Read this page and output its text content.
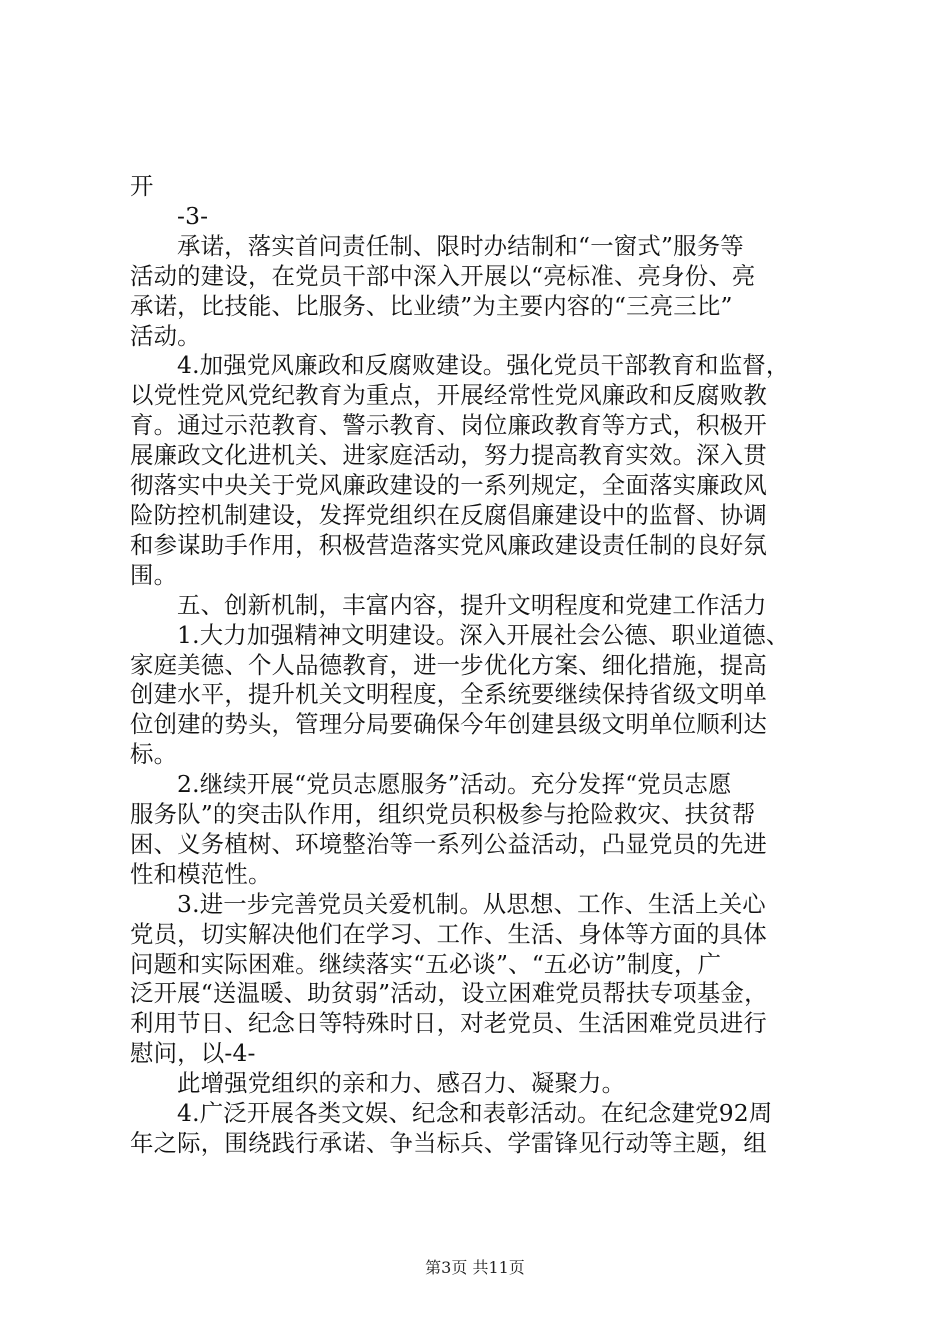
开
-3-
承诺，落实首问责任制、限时办结制和“一窗式”服务等
活动的建设，在党员干部中深入开展以“亮标准、亮身份、亮
承诺，比技能、比服务、比业绩”为主要内容的“三亮三比”
活动。
4.加强党风廉政和反腐败建设。强化党员干部教育和监督，
以党性党风党纪教育为重点，开展经常性党风廉政和反腐败教
育。通过示范教育、警示教育、岗位廉政教育等方式，积极开
展廉政文化进机关、进家庭活动，努力提高教育实效。深入贯
彻落实中央关于党风廉政建设的一系列规定，全面落实廉政风
险防控机制建设，发挥党组织在反腐倡廉建设中的监督、协调
和参谋助手作用，积极营造落实党风廉政建设责任制的良好氛
围。
五、创新机制，丰富内容，提升文明程度和党建工作活力
1.大力加强精神文明建设。深入开展社会公德、职业道德、
家庭美德、个人品德教育，进一步优化方案、细化措施，提高
创建水平，提升机关文明程度，全系统要继续保持省级文明单
位创建的势头，管理分局要确保今年创建县级文明单位顺利达
标。
2.继续开展“党员志愿服务”活动。充分发挥“党员志愿
服务队”的突击队作用，组织党员积极参与抢险救灾、扶贫帮
困、义务植树、环境整治等一系列公益活动，凸显党员的先进
性和模范性。
3.进一步完善党员关爱机制。从思想、工作、生活上关心
党员，切实解决他们在学习、工作、生活、身体等方面的具体
问题和实际困难。继续落实“五必谈”、“五必访”制度，广
泛开展“送温暖、助贫弱”活动，设立困难党员帮扶专项基金，
利用节日、纪念日等特殊时日，对老党员、生活困难党员进行
慰问，以-4-
此增强党组织的亲和力、感召力、凝聚力。
4.广泛开展各类文娱、纪念和表彰活动。在纪念建党92周
年之际，围绕践行承诺、争当标兵、学雷锋见行动等主题，组
第3页 共11页
